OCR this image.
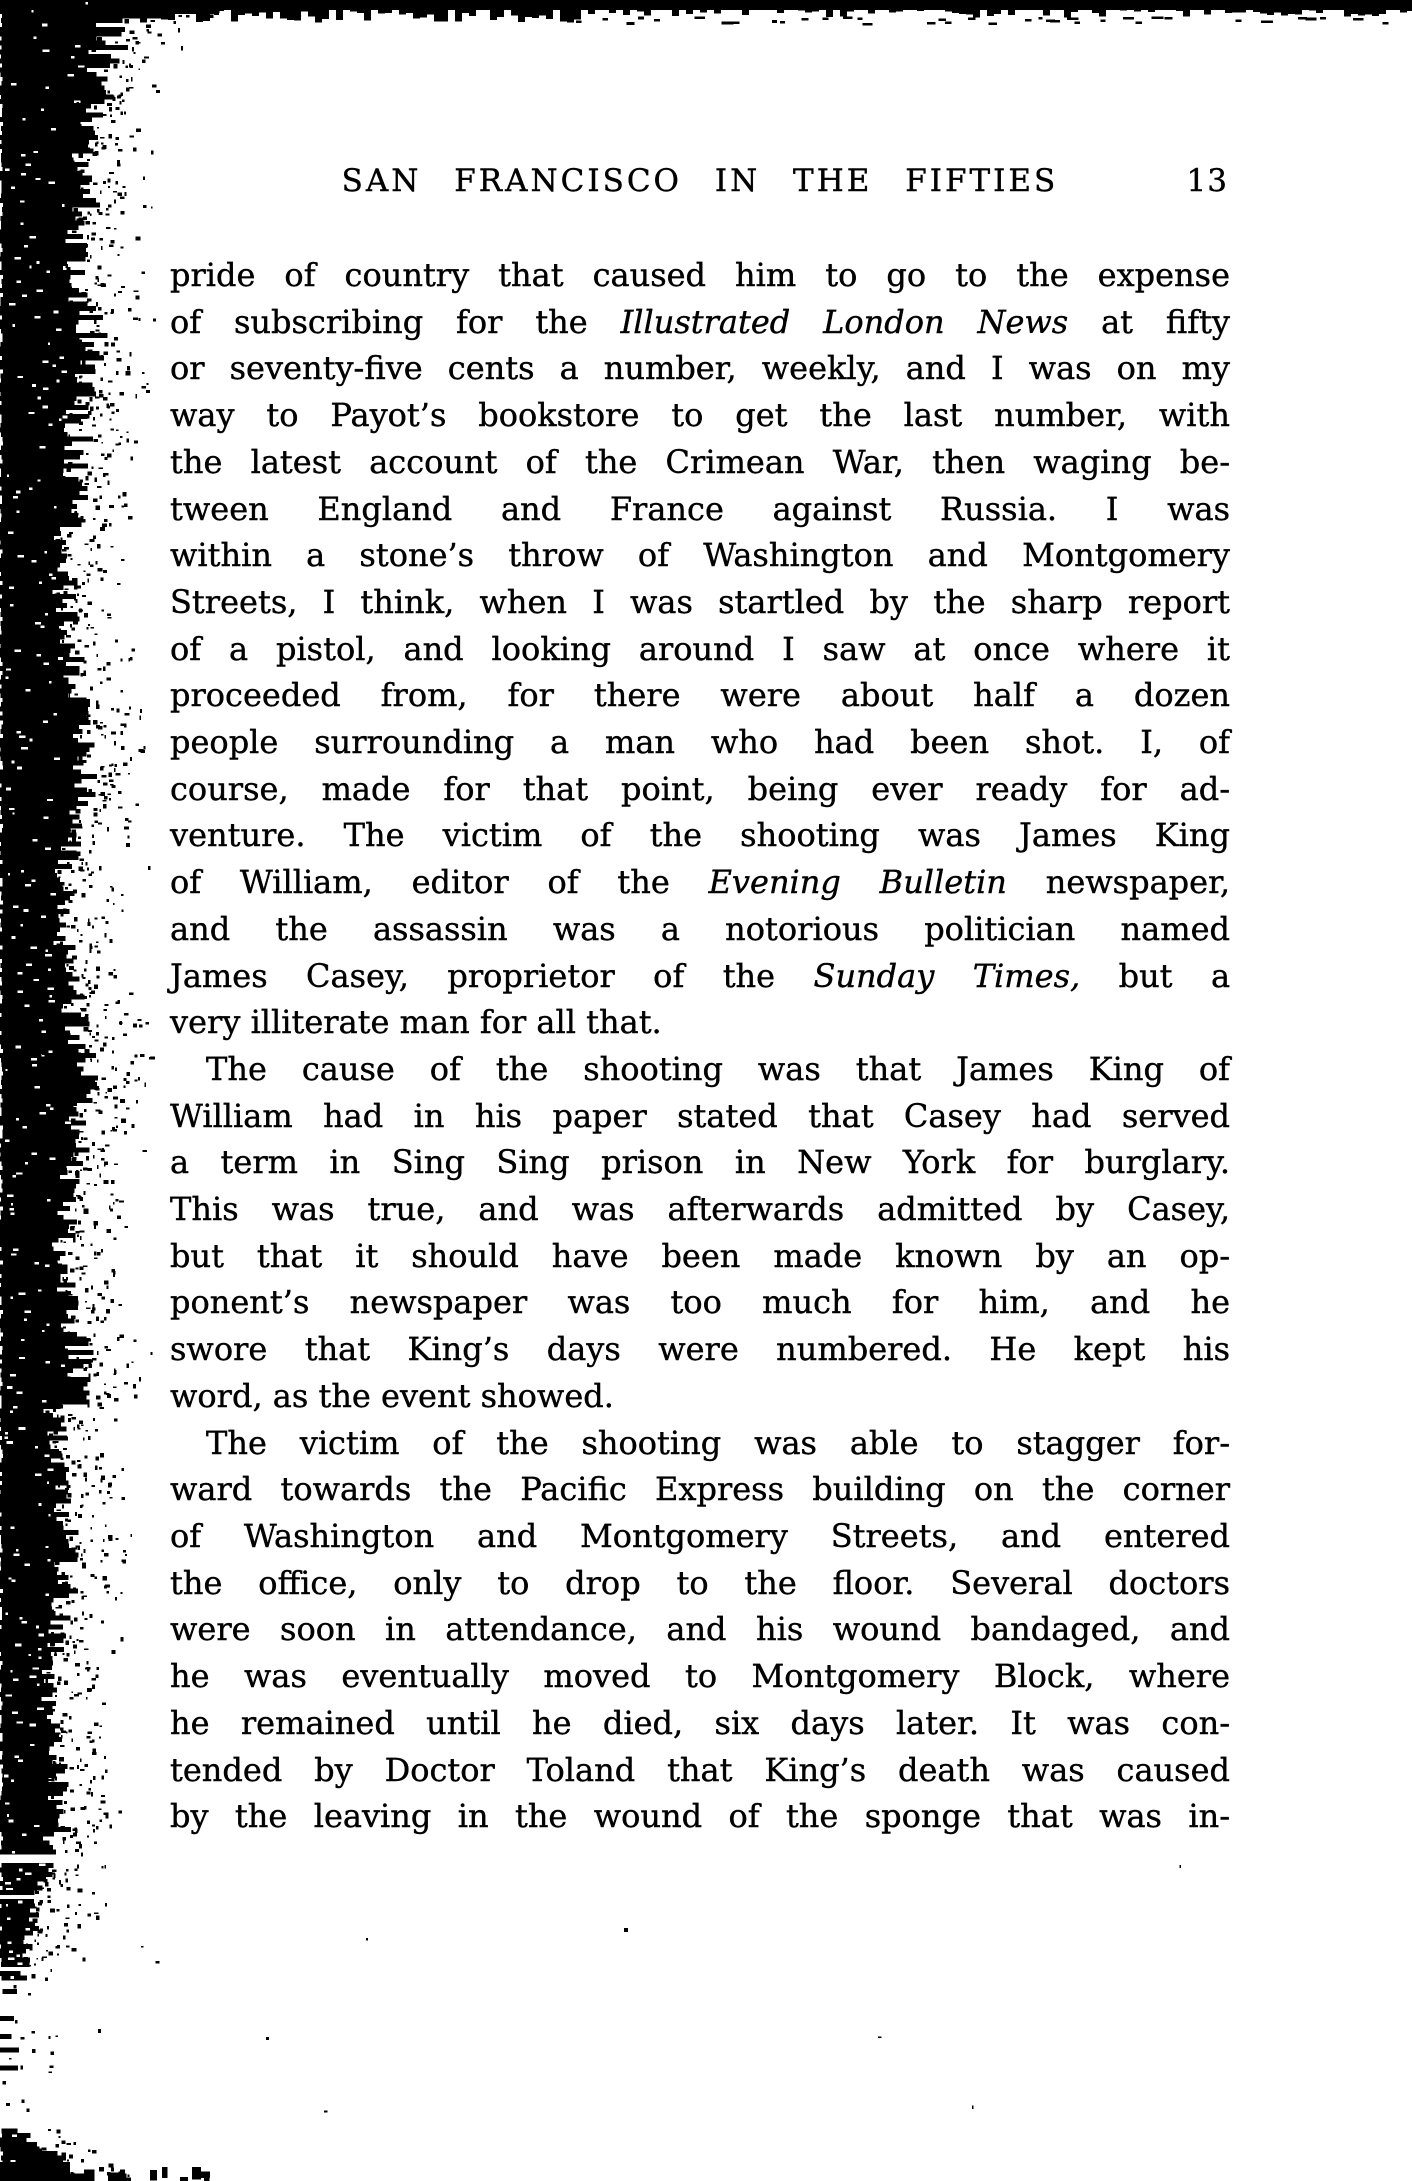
SAN FRANCISCO IN THE FIFTIES	13
pride of country that caused him to go to the expense
of subscribing for the Illustrated London News at fifty
or seventy-five cents a number, weekly, and I was on my
way to Payot’s bookstore to get the last number, with
the latest account of the Crimean War, then waging be-
tween England and France against Russia. I was
within a stone’s throw of Washington and Montgomery
Streets, I think, when I was startled by the sharp report
of a pistol, and looking around I saw at once where it
proceeded from, for there were about half a dozen
people surrounding a man who had been shot. I, of
course, made for that point, being ever ready for ad-
venture. The victim of the shooting was James King
of William, editor of the Evening Bulletin newspaper,
and the assassin was a notorious politician named
James Casey, proprietor of the Sunday Times, but a
very illiterate man for all that.
The cause of the shooting was that James King of
William had in his paper stated that Casey had served
a term in Sing Sing prison in New York for burglary.
This was true, and was afterwards admitted by Casey,
but that it should have been made known by an op-
ponent’s newspaper was too much for him, and he
swore that King’s days were numbered. He kept his
word, as the event showed.
The victim of the shooting was able to stagger for-
ward towards the Pacific Express building on the corner
of Washington and Montgomery Streets, and entered
the office, only to drop to the floor. Several doctors
were soon in attendance, and his wound bandaged, and
he was eventually moved to Montgomery Block, where
he remained until he died, six days later. It was con-
tended by Doctor Toland that King’s death was caused
by the leaving in the wound of the sponge that was in-
